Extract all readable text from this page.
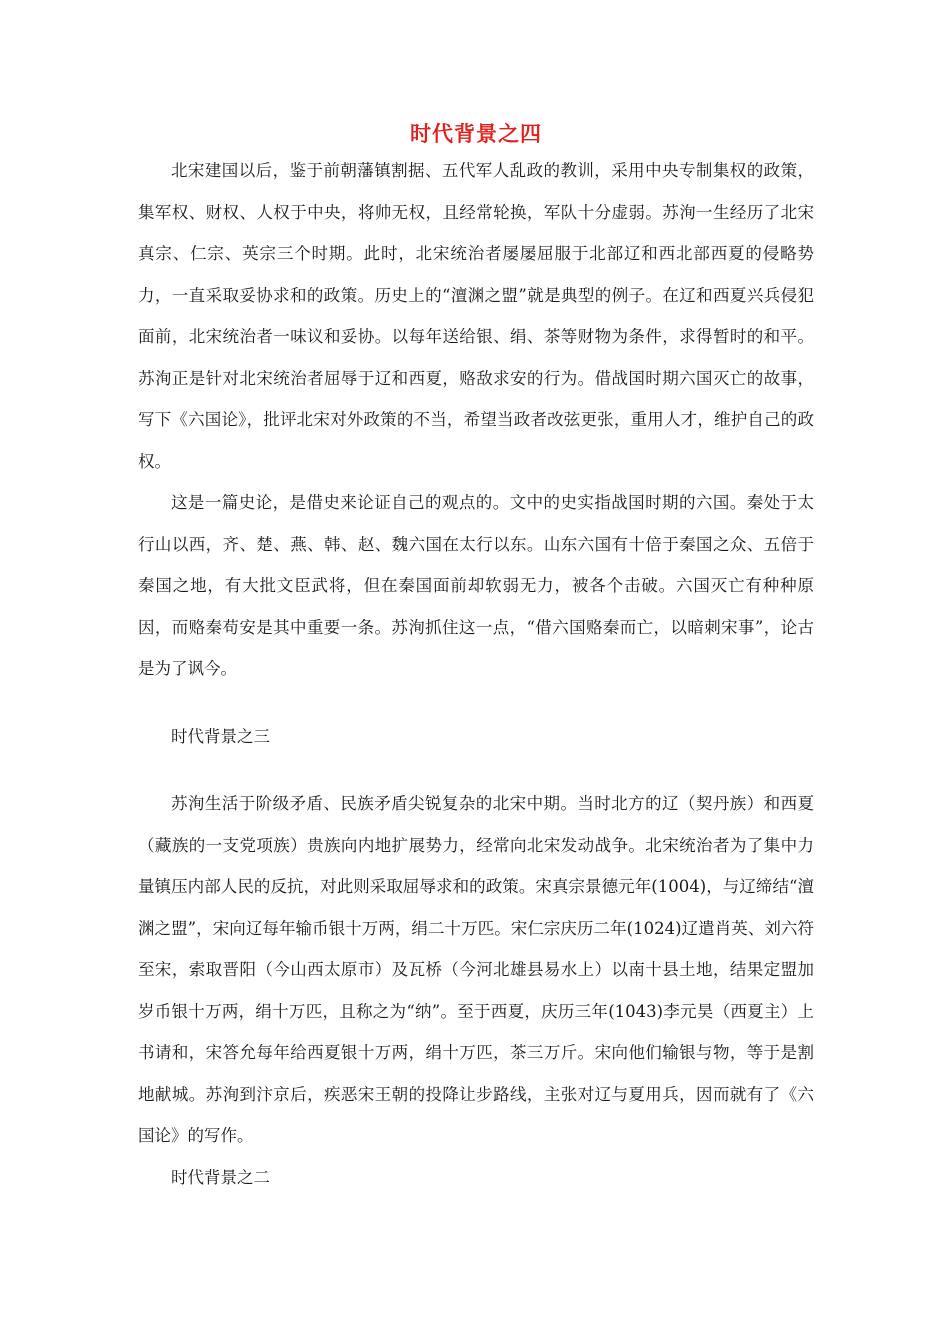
时代背景之四

北宋建国以后，鉴于前朝藩镇割据、五代军人乱政的教训，采用中央专制集权的政策，集军权、财权、人权于中央，将帅无权，且经常轮换，军队十分虚弱。苏洵一生经历了北宋真宗、仁宗、英宗三个时期。此时，北宋统治者屡屡屈服于北部辽和西北部西夏的侵略势力，一直采取妥协求和的政策。历史上的“澶渊之盟”就是典型的例子。在辽和西夏兴兵侵犯面前，北宋统治者一味议和妥协。以每年送给银、绢、茶等财物为条件，求得暂时的和平。苏洵正是针对北宋统治者屈辱于辽和西夏，赂敌求安的行为。借战国时期六国灭亡的故事，写下《六国论》，批评北宋对外政策的不当，希望当政者改弦更张，重用人才，维护自己的政权。

这是一篇史论，是借史来论证自己的观点的。文中的史实指战国时期的六国。秦处于太行山以西，齐、楚、燕、韩、赵、魏六国在太行以东。山东六国有十倍于秦国之众、五倍于秦国之地，有大批文臣武将，但在秦国面前却软弱无力，被各个击破。六国灭亡有种种原因，而赂秦苟安是其中重要一条。苏洵抓住这一点，“借六国赂秦而亡，以暗刺宋事”，论古是为了讽今。

时代背景之三

苏洵生活于阶级矛盾、民族矛盾尖锐复杂的北宋中期。当时北方的辽（契丹族）和西夏（藏族的一支党项族）贵族向内地扩展势力，经常向北宋发动战争。北宋统治者为了集中力量镇压内部人民的反抗，对此则采取屈辱求和的政策。宋真宗景德元年(1004)，与辽缔结“澶渊之盟”，宋向辽每年输币银十万两，绢二十万匹。宋仁宗庆历二年(1024)辽遣肖英、刘六符至宋，索取晋阳（今山西太原市）及瓦桥（今河北雄县易水上）以南十县土地，结果定盟加岁币银十万两，绢十万匹，且称之为“纳”。至于西夏，庆历三年(1043)李元昊（西夏主）上书请和，宋答允每年给西夏银十万两，绢十万匹，茶三万斤。宋向他们输银与物，等于是割地献城。苏洵到汴京后，疾恶宋王朝的投降让步路线，主张对辽与夏用兵，因而就有了《六国论》的写作。

时代背景之二
